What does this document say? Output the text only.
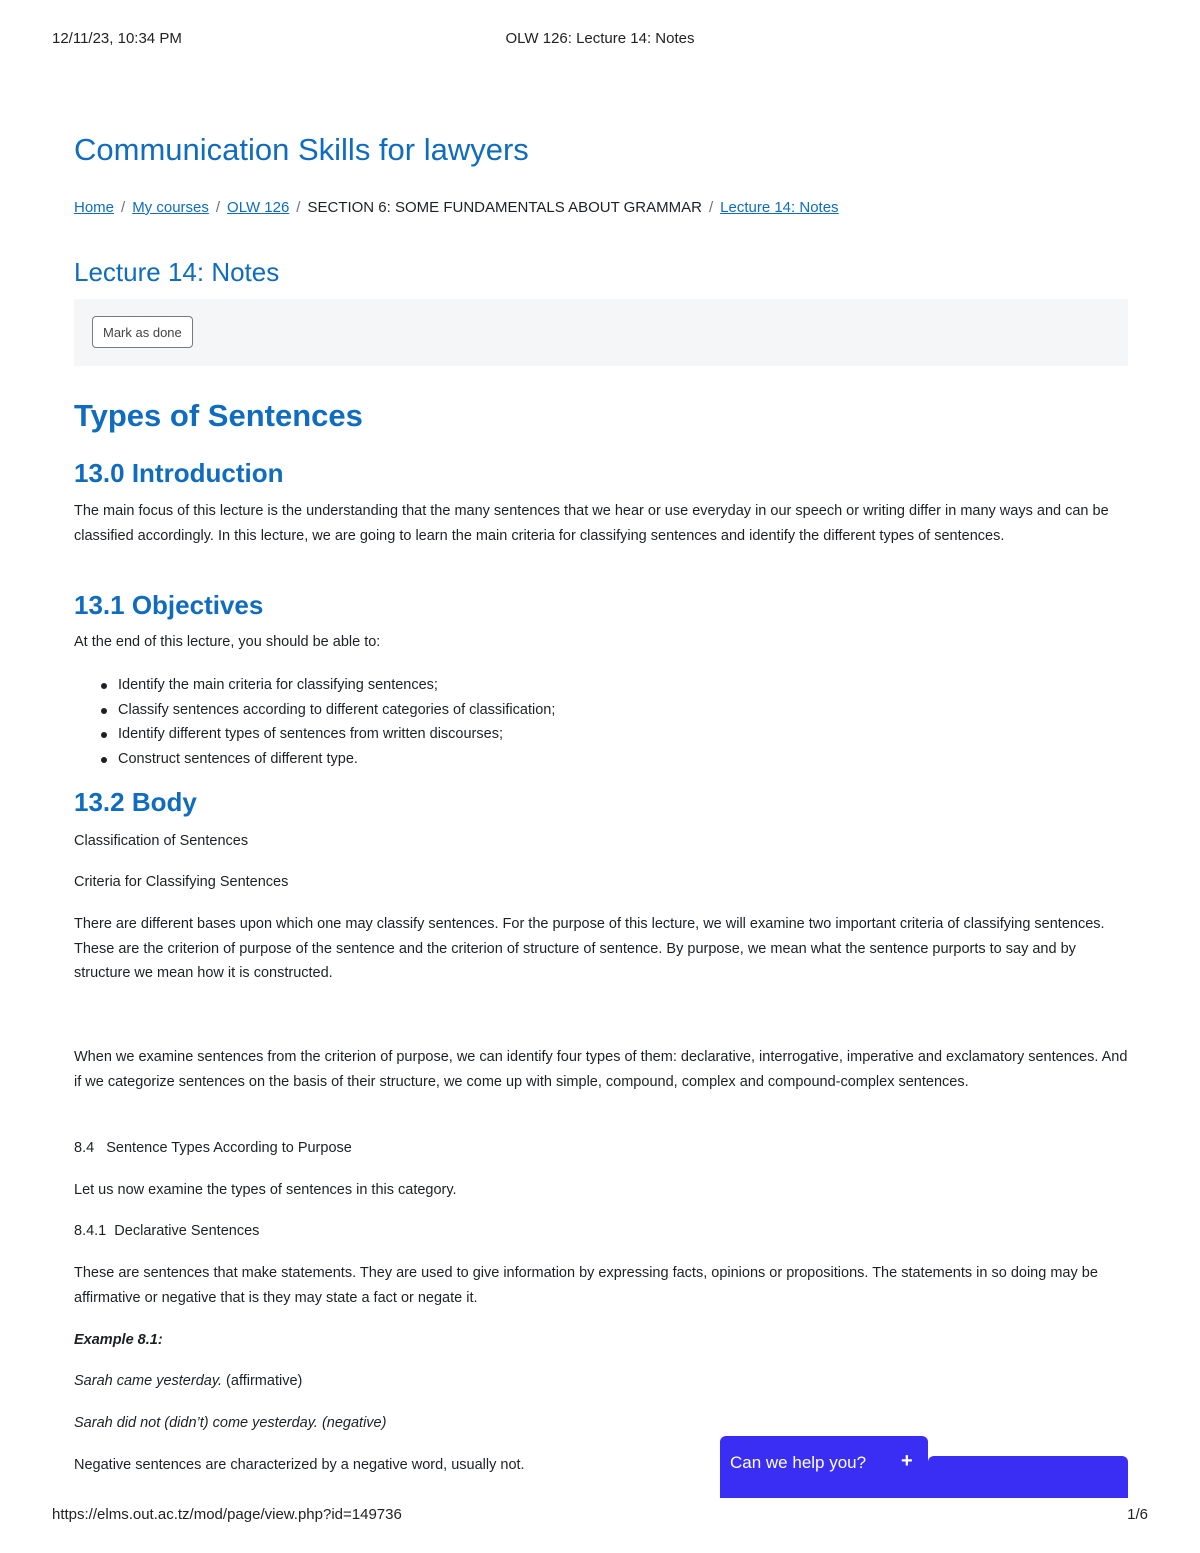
12/11/23, 10:34 PM	OLW 126: Lecture 14: Notes
Communication Skills for lawyers
Home / My courses / OLW 126 / SECTION 6: SOME FUNDAMENTALS ABOUT GRAMMAR / Lecture 14: Notes
Lecture 14: Notes
Mark as done
Types of Sentences
13.0 Introduction

The main focus of this lecture is the understanding that the many sentences that we hear or use everyday in our speech or writing differ in many ways and can be classified accordingly. In this lecture, we are going to learn the main criteria for classifying sentences and identify the different types of sentences.

13.1 Objectives

At the end of this lecture, you should be able to:

Identify the main criteria for classifying sentences;
Classify sentences according to different categories of classification;
Identify different types of sentences from written discourses;
Construct sentences of different type.
13.2 Body

Classification of Sentences

Criteria for Classifying Sentences

There are different bases upon which one may classify sentences. For the purpose of this lecture, we will examine two important criteria of classifying sentences. These are the criterion of purpose of the sentence and the criterion of structure of sentence. By purpose, we mean what the sentence purports to say and by structure we mean how it is constructed.

When we examine sentences from the criterion of purpose, we can identify four types of them: declarative, interrogative, imperative and exclamatory sentences. And if we categorize sentences on the basis of their structure, we come up with simple, compound, complex and compound-complex sentences.

8.4   Sentence Types According to Purpose

Let us now examine the types of sentences in this category.

8.4.1  Declarative Sentences

These are sentences that make statements. They are used to give information by expressing facts, opinions or propositions. The statements in so doing may be affirmative or negative that is they may state a fact or negate it.

Example 8.1:

Sarah came yesterday. (affirmative)

Sarah did not (didn’t) come yesterday. (negative)

Negative sentences are characterized by a negative word, usually not.	Can we help you? +
https://elms.out.ac.tz/mod/page/view.php?id=149736	1/6
